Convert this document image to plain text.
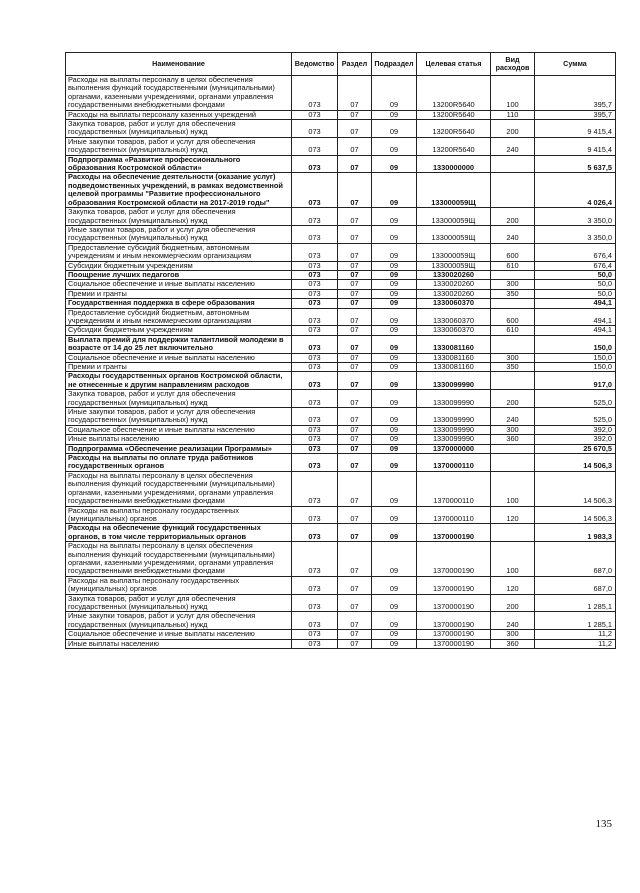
Наименование	Ведомство	Раздел	Подраздел	Целевая статья	Вид расходов	Сумма
Расходы на выплаты персоналу в целях обеспечения выполнения функций государственными (муниципальными) органами, казенными учреждениями, органами управления государственными внебюджетными фондами	073	07	09	13200R5640	100	395,7
Расходы на выплаты персоналу казенных учреждений	073	07	09	13200R5640	110	395,7
Закупка товаров, работ и услуг для обеспечения государственных (муниципальных) нужд	073	07	09	13200R5640	200	9 415,4
Иные закупки товаров, работ и услуг для обеспечения государственных (муниципальных) нужд	073	07	09	13200R5640	240	9 415,4
Подпрограмма «Развитие профессионального образования Костромской области»	073	07	09	1330000000		5 637,5
Расходы на обеспечение деятельности (оказание услуг) подведомственных учреждений, в рамках ведомственной целевой программы "Развитие профессионального образования Костромской области на 2017-2019 годы"	073	07	09	133000059Щ		4 026,4
Закупка товаров, работ и услуг для обеспечения государственных (муниципальных) нужд	073	07	09	133000059Щ	200	3 350,0
Иные закупки товаров, работ и услуг для обеспечения государственных (муниципальных) нужд	073	07	09	133000059Щ	240	3 350,0
Предоставление субсидий бюджетным, автономным учреждениям и иным некоммерческим организациям	073	07	09	133000059Щ	600	676,4
Субсидии бюджетным учреждениям	073	07	09	133000059Щ	610	676,4
Поощрение лучших педагогов	073	07	09	1330020260		50,0
Социальное обеспечение и иные выплаты населению	073	07	09	1330020260	300	50,0
Премии и гранты	073	07	09	1330020260	350	50,0
Государственная поддержка в сфере образования	073	07	09	1330060370		494,1
Предоставление субсидий бюджетным, автономным учреждениям и иным некоммерческим организациям	073	07	09	1330060370	600	494,1
Субсидии бюджетным учреждениям	073	07	09	1330060370	610	494,1
Выплата премий для поддержки талантливой молодежи в возрасте от 14 до 25 лет включительно	073	07	09	1330081160		150,0
Социальное обеспечение и иные выплаты населению	073	07	09	1330081160	300	150,0
Премии и гранты	073	07	09	1330081160	350	150,0
Расходы государственных органов Костромской области, не отнесенные к другим направлениям расходов	073	07	09	1330099990		917,0
Закупка товаров, работ и услуг для обеспечения государственных (муниципальных) нужд	073	07	09	1330099990	200	525,0
Иные закупки товаров, работ и услуг для обеспечения государственных (муниципальных) нужд	073	07	09	1330099990	240	525,0
Социальное обеспечение и иные выплаты населению	073	07	09	1330099990	300	392,0
Иные выплаты населению	073	07	09	1330099990	360	392,0
Подпрограмма «Обеспечение реализации Программы»	073	07	09	1370000000		25 670,5
Расходы на выплаты по оплате труда работников государственных органов	073	07	09	1370000110		14 506,3
Расходы на выплаты персоналу в целях обеспечения выполнения функций государственными (муниципальными) органами, казенными учреждениями, органами управления государственными внебюджетными фондами	073	07	09	1370000110	100	14 506,3
Расходы на выплаты персоналу государственных (муниципальных) органов	073	07	09	1370000110	120	14 506,3
Расходы на обеспечение функций государственных органов, в том числе территориальных органов	073	07	09	1370000190		1 983,3
Расходы на выплаты персоналу в целях обеспечения выполнения функций государственными (муниципальными) органами, казенными учреждениями, органами управления государственными внебюджетными фондами	073	07	09	1370000190	100	687,0
Расходы на выплаты персоналу государственных (муниципальных) органов	073	07	09	1370000190	120	687,0
Закупка товаров, работ и услуг для обеспечения государственных (муниципальных) нужд	073	07	09	1370000190	200	1 285,1
Иные закупки товаров, работ и услуг для обеспечения государственных (муниципальных) нужд	073	07	09	1370000190	240	1 285,1
Социальное обеспечение и иные выплаты населению	073	07	09	1370000190	300	11,2
Иные выплаты населению	073	07	09	1370000190	360	11,2
135
